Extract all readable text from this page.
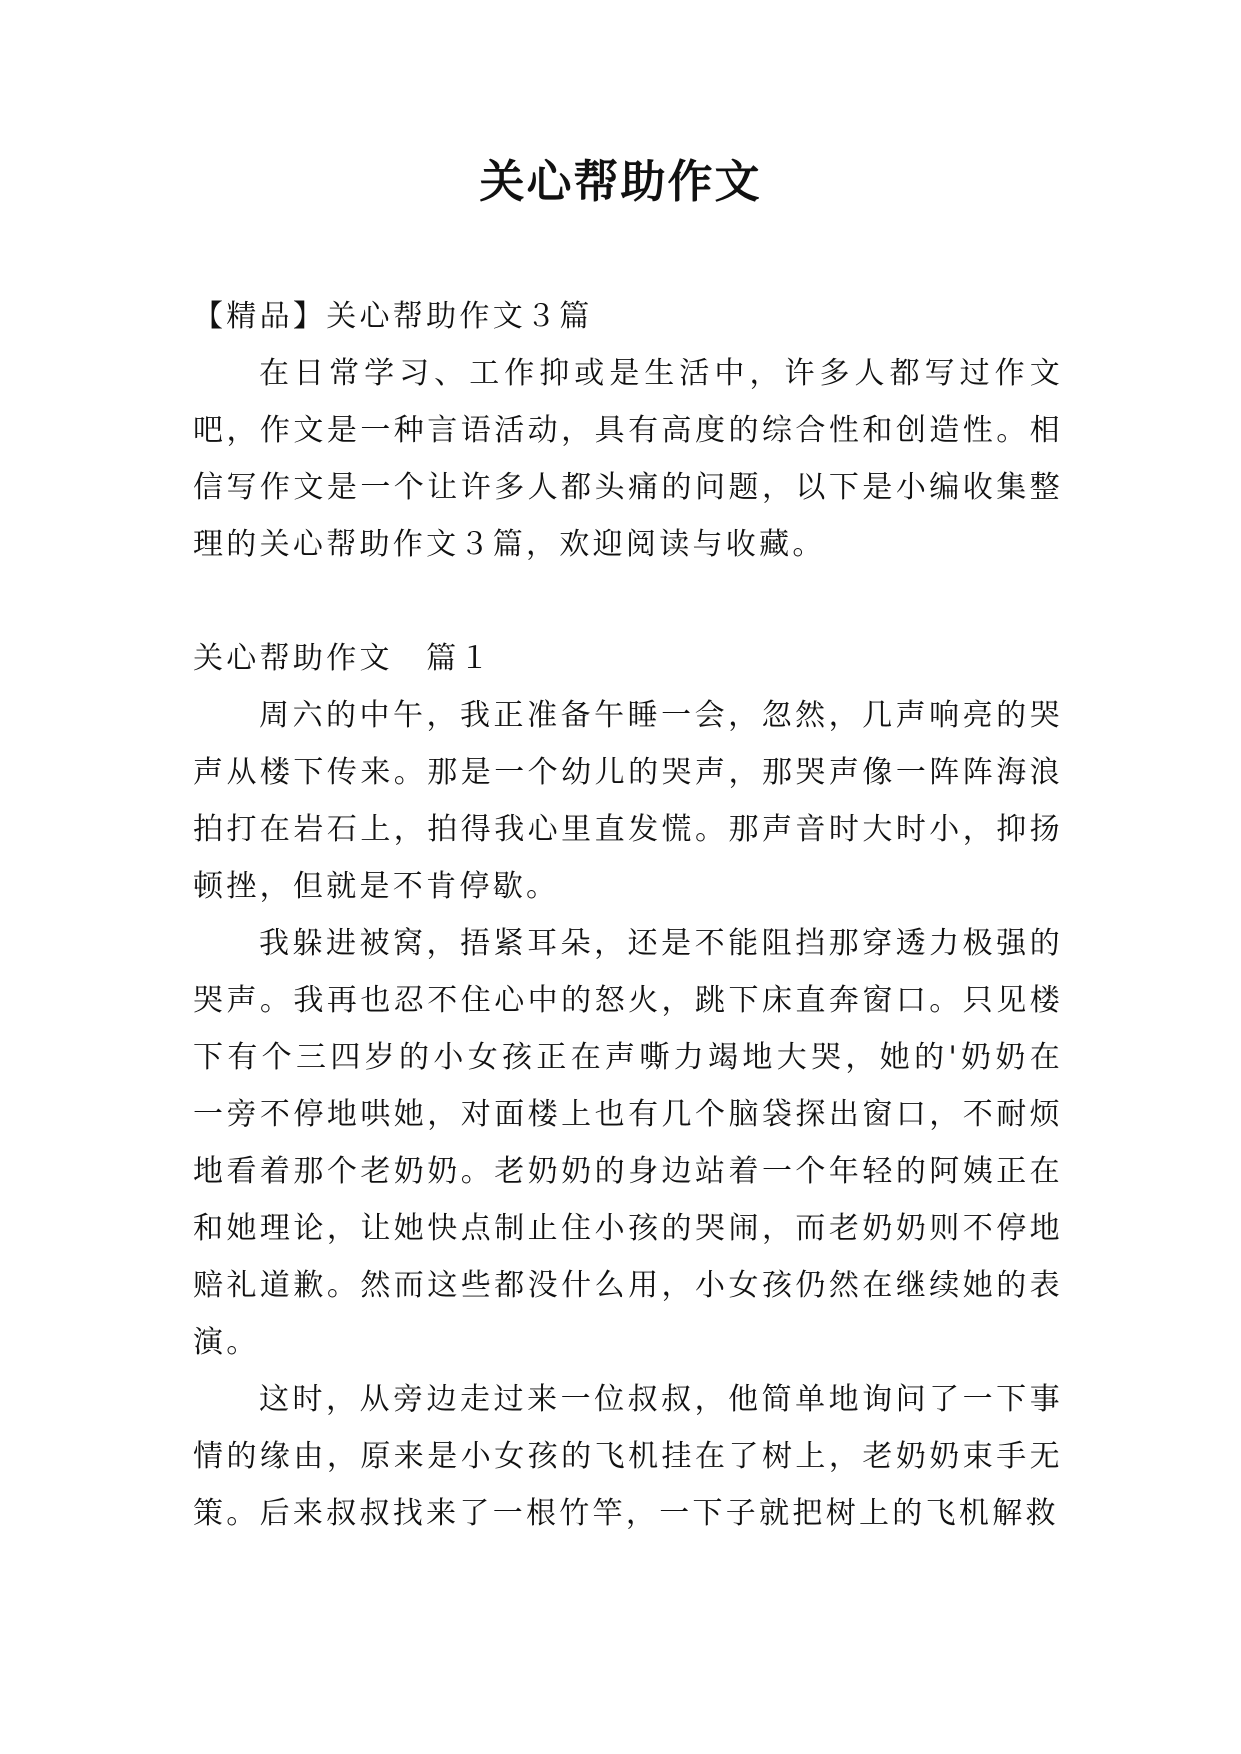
关心帮助作文

【精品】关心帮助作文３篇

在日常学习、工作抑或是生活中，许多人都写过作文吧，作文是一种言语活动，具有高度的综合性和创造性。相信写作文是一个让许多人都头痛的问题，以下是小编收集整理的关心帮助作文３篇，欢迎阅读与收藏。

关心帮助作文　篇１

周六的中午，我正准备午睡一会，忽然，几声响亮的哭声从楼下传来。那是一个幼儿的哭声，那哭声像一阵阵海浪拍打在岩石上，拍得我心里直发慌。那声音时大时小，抑扬顿挫，但就是不肯停歇。

我躲进被窝，捂紧耳朵，还是不能阻挡那穿透力极强的哭声。我再也忍不住心中的怒火，跳下床直奔窗口。只见楼下有个三四岁的小女孩正在声嘶力竭地大哭，她的'奶奶在一旁不停地哄她，对面楼上也有几个脑袋探出窗口，不耐烦地看着那个老奶奶。老奶奶的身边站着一个年轻的阿姨正在和她理论，让她快点制止住小孩的哭闹，而老奶奶则不停地赔礼道歉。然而这些都没什么用，小女孩仍然在继续她的表演。

这时，从旁边走过来一位叔叔，他简单地询问了一下事情的缘由，原来是小女孩的飞机挂在了树上，老奶奶束手无策。后来叔叔找来了一根竹竿，一下子就把树上的飞机解救
